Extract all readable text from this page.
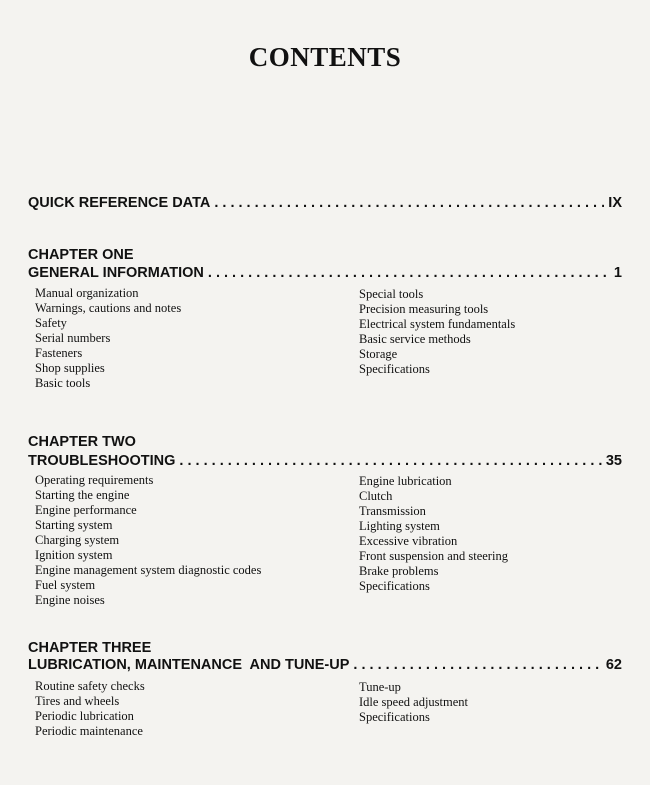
CONTENTS
QUICK REFERENCE DATA . . .	IX
CHAPTER ONE
GENERAL INFORMATION . . .	1
Manual organization
Warnings, cautions and notes
Safety
Serial numbers
Fasteners
Shop supplies
Basic tools
Special tools
Precision measuring tools
Electrical system fundamentals
Basic service methods
Storage
Specifications
CHAPTER TWO
TROUBLESHOOTING . . .	35
Operating requirements
Starting the engine
Engine performance
Starting system
Charging system
Ignition system
Engine management system diagnostic codes
Fuel system
Engine noises
Engine lubrication
Clutch
Transmission
Lighting system
Excessive vibration
Front suspension and steering
Brake problems
Specifications
CHAPTER THREE
LUBRICATION, MAINTENANCE  AND TUNE-UP . . .	62
Routine safety checks
Tires and wheels
Periodic lubrication
Periodic maintenance
Tune-up
Idle speed adjustment
Specifications
